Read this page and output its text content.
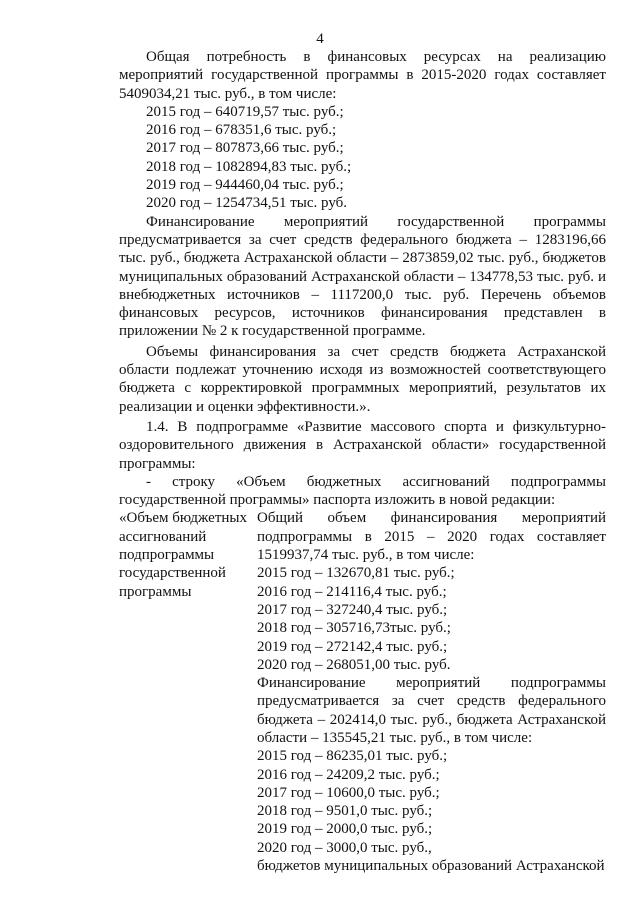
4

Общая потребность в финансовых ресурсах на реализацию мероприятий государственной программы в 2015-2020 годах составляет 5409034,21 тыс. руб., в том числе:

2015 год – 640719,57 тыс. руб.;
2016 год – 678351,6 тыс. руб.;
2017 год – 807873,66 тыс. руб.;
2018 год – 1082894,83 тыс. руб.;
2019 год – 944460,04 тыс. руб.;
2020 год – 1254734,51 тыс. руб.

Финансирование мероприятий государственной программы предусматривается за счет средств федерального бюджета – 1283196,66 тыс. руб., бюджета Астраханской области – 2873859,02 тыс. руб., бюджетов муниципальных образований Астраханской области – 134778,53 тыс. руб. и внебюджетных источников – 1117200,0 тыс. руб. Перечень объемов финансовых ресурсов, источников финансирования представлен в приложении № 2 к государственной программе.

Объемы финансирования за счет средств бюджета Астраханской области подлежат уточнению исходя из возможностей соответствующего бюджета с корректировкой программных мероприятий, результатов их реализации и оценки эффективности.».

1.4. В подпрограмме «Развитие массового спорта и физкультурно-оздоровительного движения в Астраханской области» государственной программы:

- строку «Объем бюджетных ассигнований подпрограммы государственной программы» паспорта изложить в новой редакции:

«Объем бюджетных ассигнований подпрограммы государственной программы

Общий объем финансирования мероприятий подпрограммы в 2015 – 2020 годах составляет 1519937,74 тыс. руб., в том числе:

2015 год – 132670,81 тыс. руб.;
2016 год – 214116,4 тыс. руб.;
2017 год – 327240,4 тыс. руб.;
2018 год – 305716,73тыс. руб.;
2019 год – 272142,4 тыс. руб.;
2020 год – 268051,00 тыс. руб.

Финансирование мероприятий подпрограммы предусматривается за счет средств федерального бюджета – 202414,0 тыс. руб., бюджета Астраханской области – 135545,21 тыс. руб., в том числе:

2015 год – 86235,01 тыс. руб.;
2016 год – 24209,2 тыс. руб.;
2017 год – 10600,0 тыс. руб.;
2018 год – 9501,0 тыс. руб.;
2019 год – 2000,0 тыс. руб.;
2020 год – 3000,0 тыс. руб.,

бюджетов муниципальных образований Астраханской
